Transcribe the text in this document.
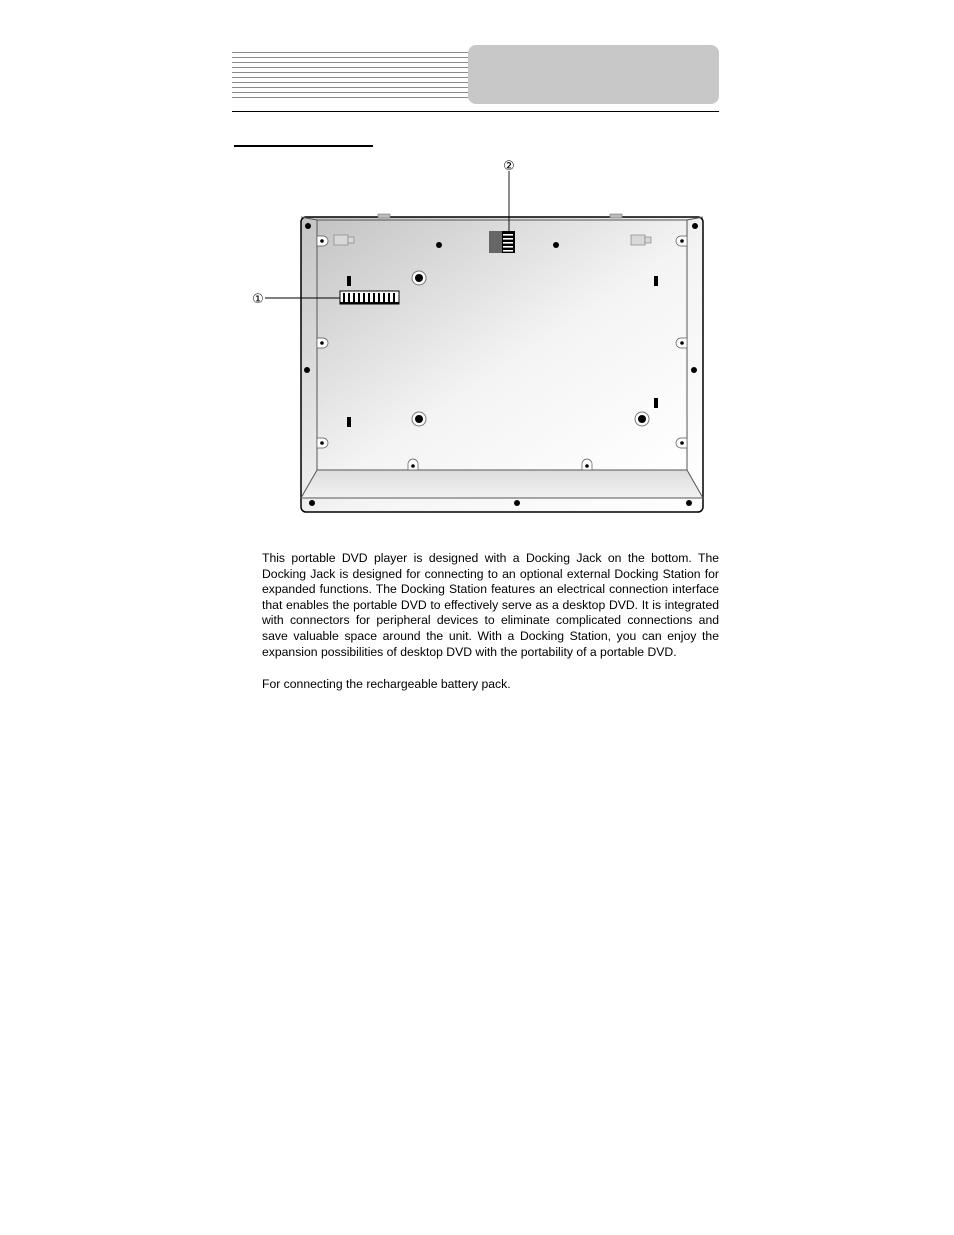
①
②

This portable DVD player is designed with a Docking Jack on the bottom. The Docking Jack is designed for connecting to an optional external Docking Station for expanded functions. The Docking Station features an electrical connection interface that enables the portable DVD to effectively serve as a desktop DVD. It is integrated with connectors for peripheral devices to eliminate complicated connections and save valuable space around the unit. With a Docking Station, you can enjoy the expansion possibilities of desktop DVD with the portability of a portable DVD.

For connecting the rechargeable battery pack.
